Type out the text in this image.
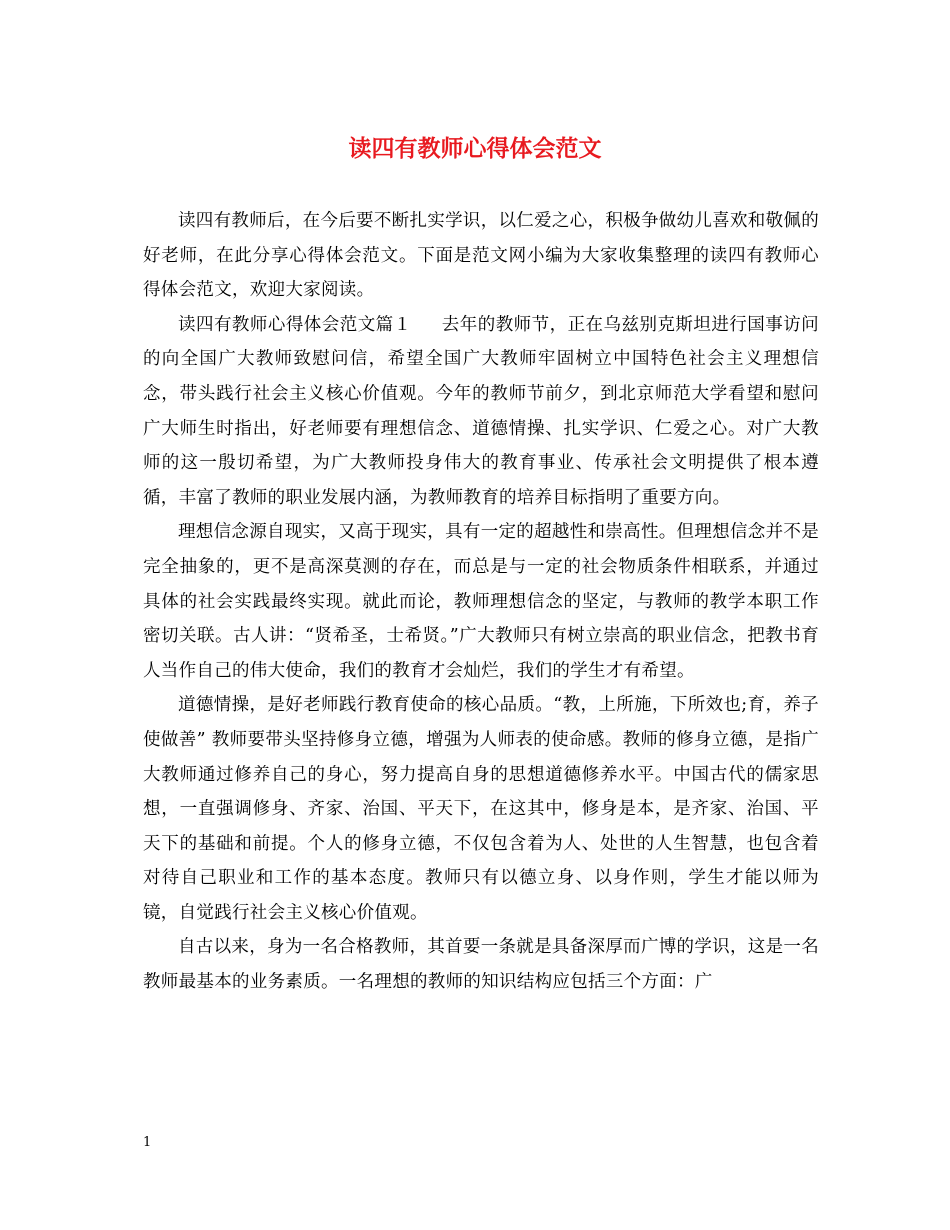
读四有教师心得体会范文

读四有教师后，在今后要不断扎实学识，以仁爱之心，积极争做幼儿喜欢和敬佩的好老师，在此分享心得体会范文。下面是范文网小编为大家收集整理的读四有教师心得体会范文，欢迎大家阅读。

读四有教师心得体会范文篇１ 去年的教师节，正在乌兹别克斯坦进行国事访问的向全国广大教师致慰问信，希望全国广大教师牢固树立中国特色社会主义理想信念，带头践行社会主义核心价值观。今年的教师节前夕，到北京师范大学看望和慰问广大师生时指出，好老师要有理想信念、道德情操、扎实学识、仁爱之心。对广大教师的这一殷切希望，为广大教师投身伟大的教育事业、传承社会文明提供了根本遵循，丰富了教师的职业发展内涵，为教师教育的培养目标指明了重要方向。

理想信念源自现实，又高于现实，具有一定的超越性和崇高性。但理想信念并不是完全抽象的，更不是高深莫测的存在，而总是与一定的社会物质条件相联系，并通过具体的社会实践最终实现。就此而论，教师理想信念的坚定，与教师的教学本职工作密切关联。古人讲：“贤希圣，士希贤。”广大教师只有树立崇高的职业信念，把教书育人当作自己的伟大使命，我们的教育才会灿烂，我们的学生才有希望。

道德情操，是好老师践行教育使命的核心品质。“教，上所施，下所效也;育，养子使做善” 教师要带头坚持修身立德，增强为人师表的使命感。教师的修身立德，是指广大教师通过修养自己的身心，努力提高自身的思想道德修养水平。中国古代的儒家思想，一直强调修身、齐家、治国、平天下，在这其中，修身是本，是齐家、治国、平天下的基础和前提。个人的修身立德，不仅包含着为人、处世的人生智慧，也包含着对待自己职业和工作的基本态度。教师只有以德立身、以身作则，学生才能以师为镜，自觉践行社会主义核心价值观。

自古以来，身为一名合格教师，其首要一条就是具备深厚而广博的学识，这是一名教师最基本的业务素质。一名理想的教师的知识结构应包括三个方面：广

1
